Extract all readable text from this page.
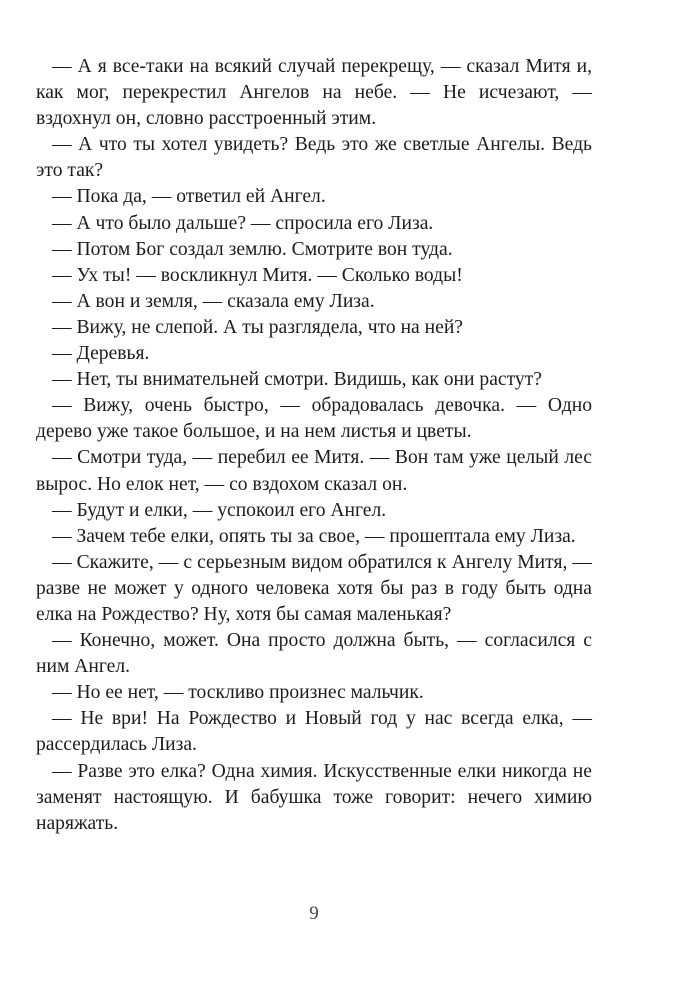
— А я все-таки на всякий случай перекрещу, — сказал Митя и, как мог, перекрестил Ангелов на небе. — Не исчезают, — вздохнул он, словно расстроенный этим.

— А что ты хотел увидеть? Ведь это же светлые Ангелы. Ведь это так?

— Пока да, — ответил ей Ангел.

— А что было дальше? — спросила его Лиза.

— Потом Бог создал землю. Смотрите вон туда.

— Ух ты! — воскликнул Митя. — Сколько воды!

— А вон и земля, — сказала ему Лиза.

— Вижу, не слепой. А ты разглядела, что на ней?

— Деревья.

— Нет, ты внимательней смотри. Видишь, как они растут?

— Вижу, очень быстро, — обрадовалась девочка. — Одно дерево уже такое большое, и на нем листья и цветы.

— Смотри туда, — перебил ее Митя. — Вон там уже целый лес вырос. Но елок нет, — со вздохом сказал он.

— Будут и елки, — успокоил его Ангел.

— Зачем тебе елки, опять ты за свое, — прошептала ему Лиза.

— Скажите, — с серьезным видом обратился к Ангелу Митя, — разве не может у одного человека хотя бы раз в году быть одна елка на Рождество? Ну, хотя бы самая маленькая?

— Конечно, может. Она просто должна быть, — согласился с ним Ангел.

— Но ее нет, — тоскливо произнес мальчик.

— Не ври! На Рождество и Новый год у нас всегда елка, — рассердилась Лиза.

— Разве это елка? Одна химия. Искусственные елки никогда не заменят настоящую. И бабушка тоже говорит: нечего химию наряжать.

9
